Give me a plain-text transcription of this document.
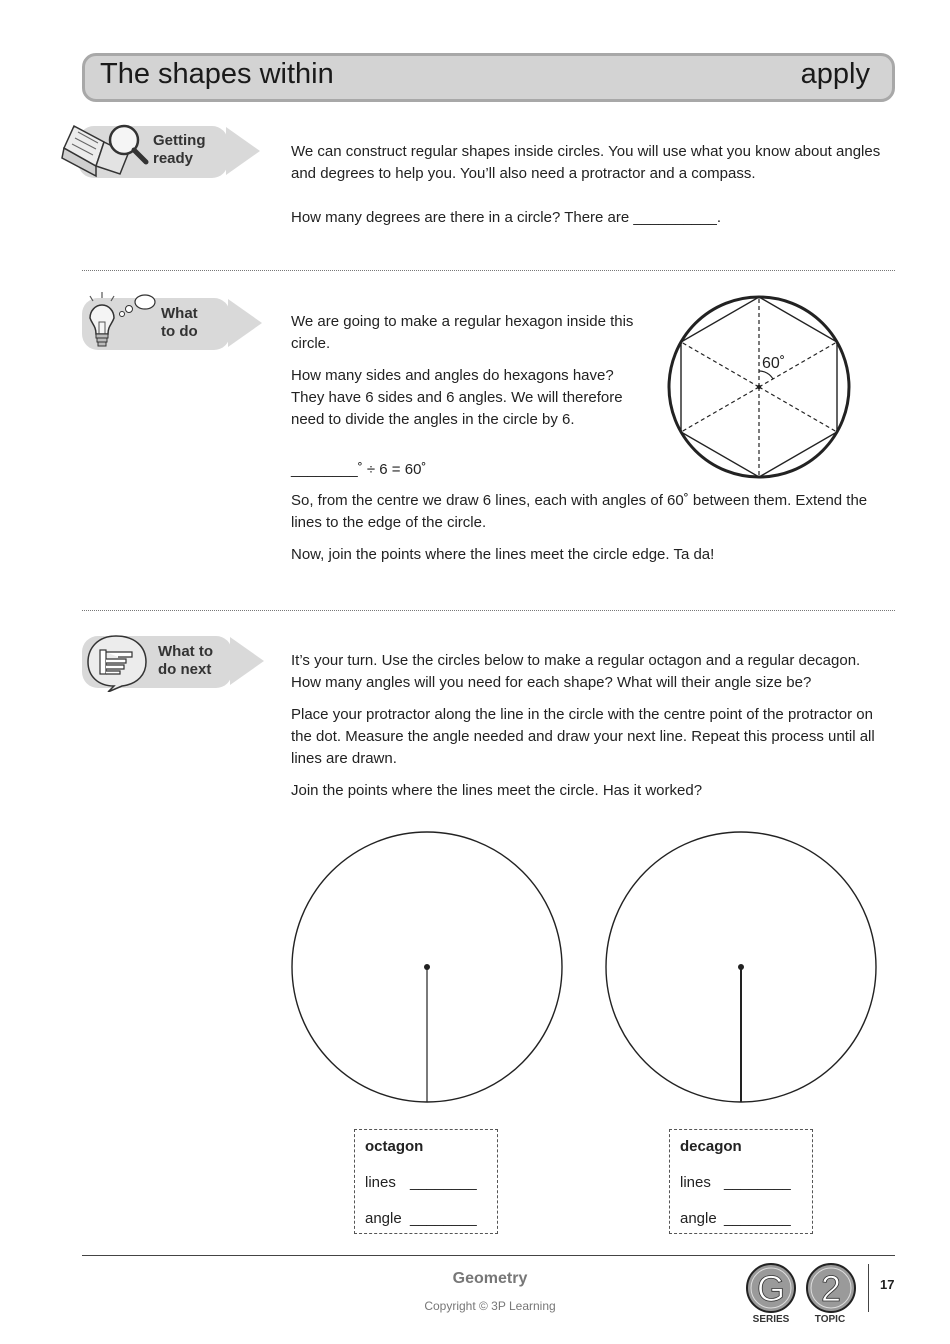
The shapes within	apply
Getting
ready	We can construct regular shapes inside circles. You will use what you know about angles and degrees to help you. You’ll also need a protractor and a compass.

How many degrees are there in a circle? There are __________.

What
to do

We are going to make a regular hexagon inside this circle.

How many sides and angles do hexagons have? They have 6 sides and 6 angles. We will therefore need to divide the angles in the circle by 6.

________˚ ÷ 6 = 60˚

So, from the centre we draw 6 lines, each with angles of 60˚ between them. Extend the lines to the edge of the circle.

Now, join the points where the lines meet the circle edge. Ta da!

60˚
What to
do next

It’s your turn. Use the circles below to make a regular octagon and a regular decagon. How many angles will you need for each shape? What will their angle size be?

Place your protractor along the line in the circle with the centre point of the protractor on the dot. Measure the angle needed and draw your next line. Repeat this process until all lines are drawn.

Join the points where the lines meet the circle. Has it worked?

octagon
lines ________
angle ________
decagon
lines ________
angle ________
Geometry
Copyright © 3P Learning	G
SERIES
2
TOPIC
17
